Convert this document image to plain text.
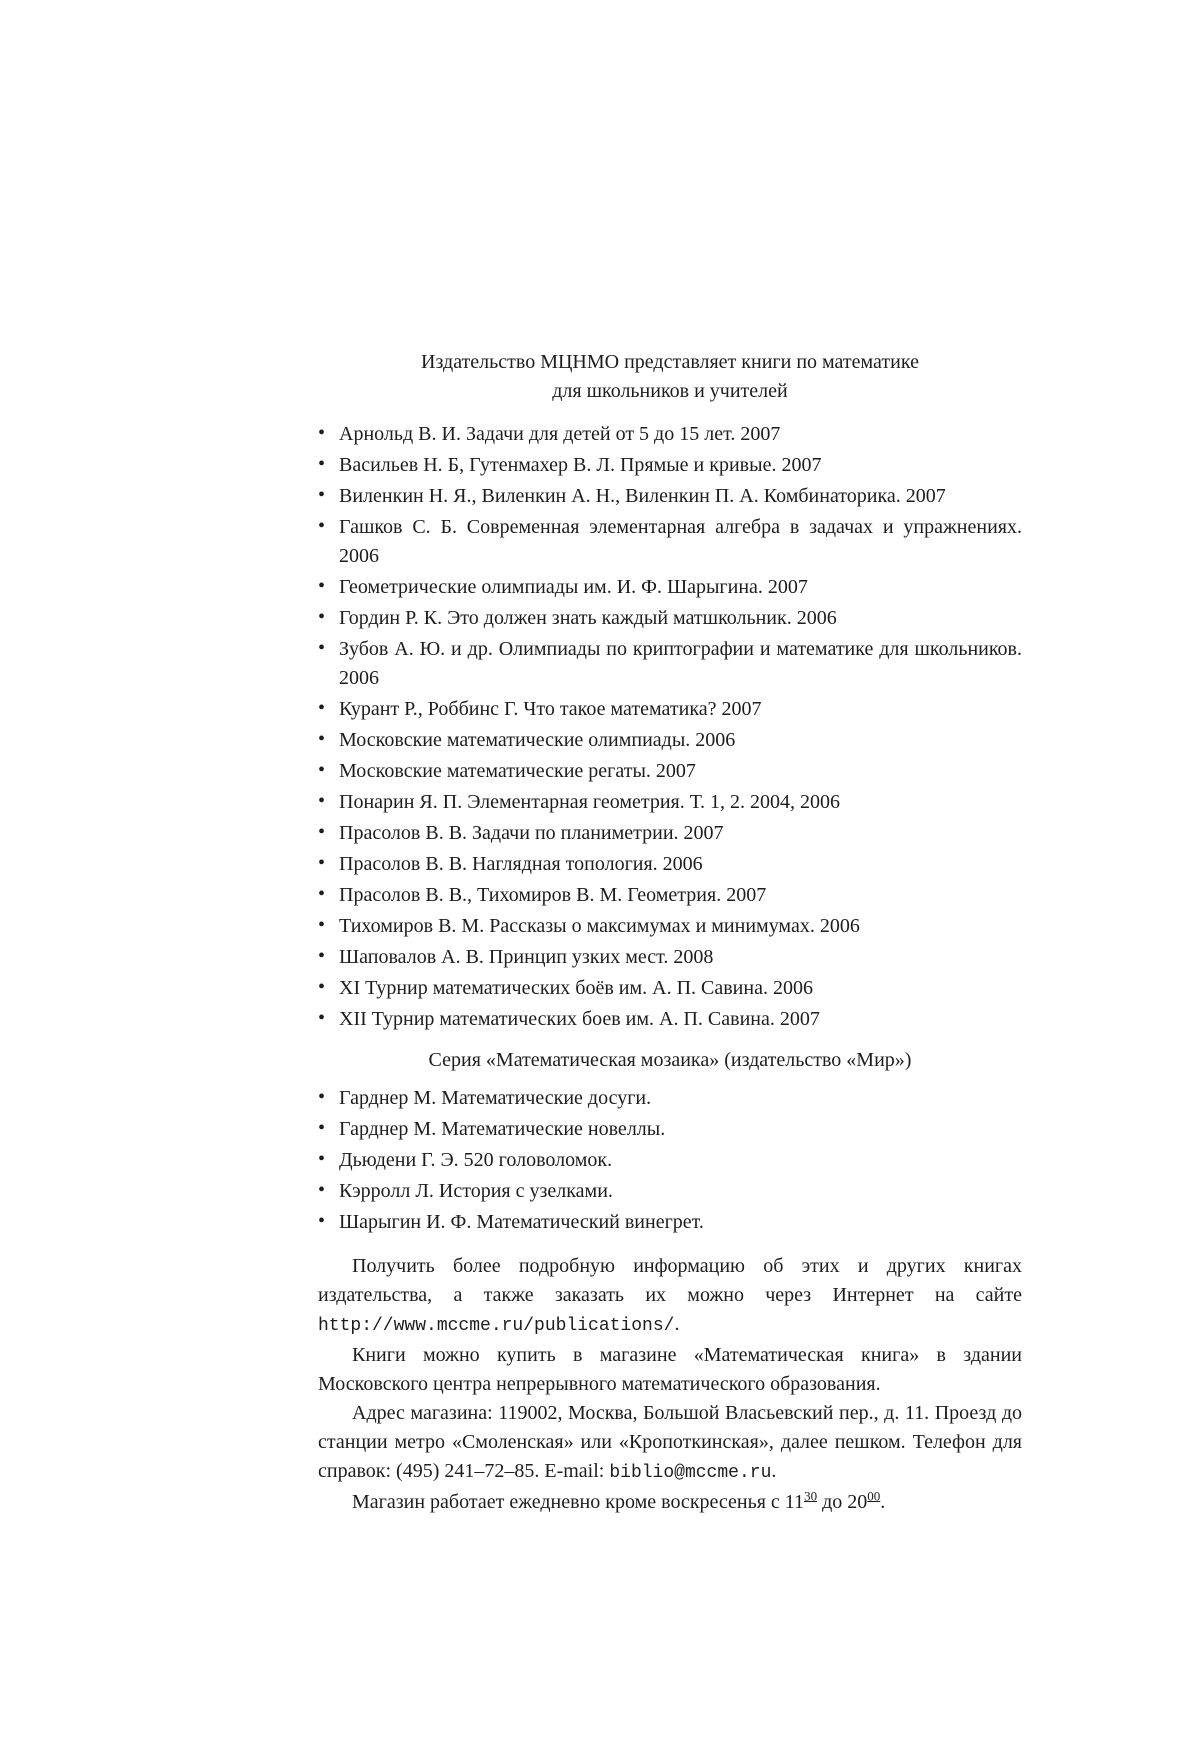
Издательство МЦНМО представляет книги по математике
для школьников и учителей
• Арнольд В. И. Задачи для детей от 5 до 15 лет. 2007
• Васильев Н. Б, Гутенмахер В. Л. Прямые и кривые. 2007
• Виленкин Н. Я., Виленкин А. Н., Виленкин П. А. Комбинаторика. 2007
• Гашков С. Б. Современная элементарная алгебра в задачах и упражнениях. 2006
• Геометрические олимпиады им. И. Ф. Шарыгина. 2007
• Гордин Р. К. Это должен знать каждый матшкольник. 2006
• Зубов А. Ю. и др. Олимпиады по криптографии и математике для школьников. 2006
• Курант Р., Роббинс Г. Что такое математика? 2007
• Московские математические олимпиады. 2006
• Московские математические регаты. 2007
• Понарин Я. П. Элементарная геометрия. Т. 1, 2. 2004, 2006
• Прасолов В. В. Задачи по планиметрии. 2007
• Прасолов В. В. Наглядная топология. 2006
• Прасолов В. В., Тихомиров В. М. Геометрия. 2007
• Тихомиров В. М. Рассказы о максимумах и минимумах. 2006
• Шаповалов А. В. Принцип узких мест. 2008
• XI Турнир математических боёв им. А. П. Савина. 2006
• XII Турнир математических боев им. А. П. Савина. 2007
Серия «Математическая мозаика» (издательство «Мир»)
• Гарднер М. Математические досуги.
• Гарднер М. Математические новеллы.
• Дьюдени Г. Э. 520 головоломок.
• Кэрролл Л. История с узелками.
• Шарыгин И. Ф. Математический винегрет.

Получить более подробную информацию об этих и других книгах издательства, а также заказать их можно через Интернет на сайте http://www.mccme.ru/publications/.

Книги можно купить в магазине «Математическая книга» в здании Московского центра непрерывного математического образования.

Адрес магазина: 119002, Москва, Большой Власьевский пер., д. 11. Проезд до станции метро «Смоленская» или «Кропоткинская», далее пешком. Телефон для справок: (495) 241–72–85. E-mail: biblio@mccme.ru.

Магазин работает ежедневно кроме воскресенья с $11^{30}$ до $20^{00}$.
